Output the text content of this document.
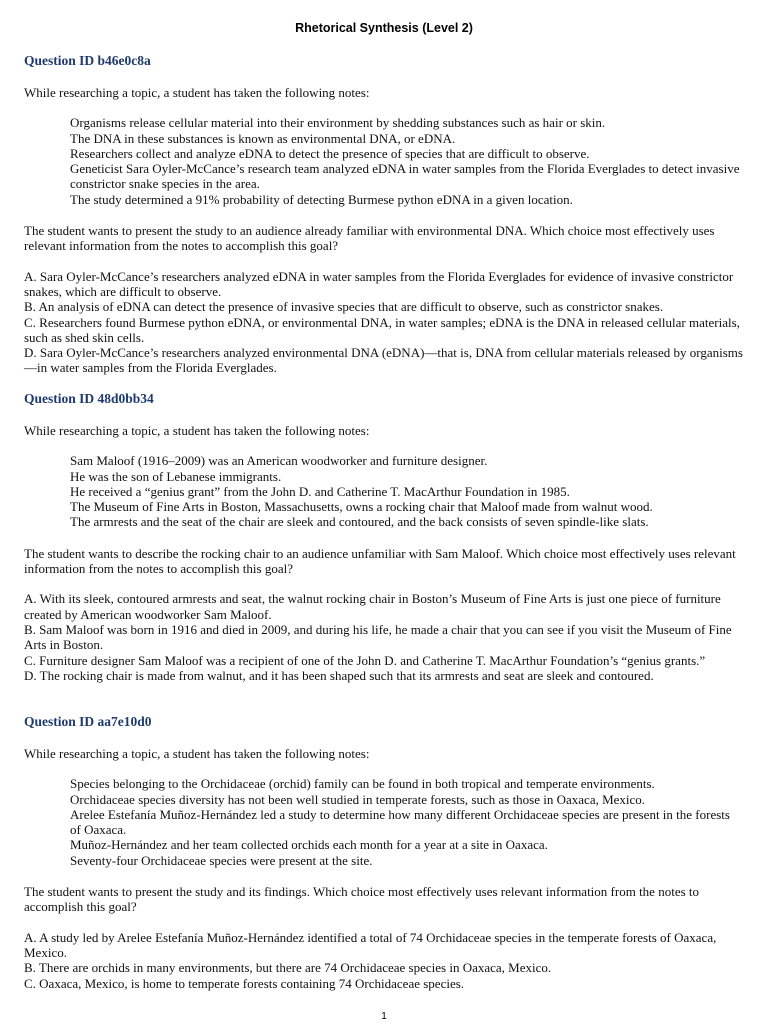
Rhetorical Synthesis (Level 2)
Question ID b46e0c8a

While researching a topic, a student has taken the following notes:

Organisms release cellular material into their environment by shedding substances such as hair or skin.
The DNA in these substances is known as environmental DNA, or eDNA.
Researchers collect and analyze eDNA to detect the presence of species that are difficult to observe.
Geneticist Sara Oyler-McCance’s research team analyzed eDNA in water samples from the Florida Everglades to detect invasive constrictor snake species in the area.
The study determined a 91% probability of detecting Burmese python eDNA in a given location.

The student wants to present the study to an audience already familiar with environmental DNA. Which choice most effectively uses relevant information from the notes to accomplish this goal?

A. Sara Oyler-McCance’s researchers analyzed eDNA in water samples from the Florida Everglades for evidence of invasive constrictor snakes, which are difficult to observe.
B. An analysis of eDNA can detect the presence of invasive species that are difficult to observe, such as constrictor snakes.
C. Researchers found Burmese python eDNA, or environmental DNA, in water samples; eDNA is the DNA in released cellular materials, such as shed skin cells.
D. Sara Oyler-McCance’s researchers analyzed environmental DNA (eDNA)—that is, DNA from cellular materials released by organisms—in water samples from the Florida Everglades.
Question ID 48d0bb34

While researching a topic, a student has taken the following notes:

Sam Maloof (1916–2009) was an American woodworker and furniture designer.
He was the son of Lebanese immigrants.
He received a “genius grant” from the John D. and Catherine T. MacArthur Foundation in 1985.
The Museum of Fine Arts in Boston, Massachusetts, owns a rocking chair that Maloof made from walnut wood.
The armrests and the seat of the chair are sleek and contoured, and the back consists of seven spindle-like slats.

The student wants to describe the rocking chair to an audience unfamiliar with Sam Maloof. Which choice most effectively uses relevant information from the notes to accomplish this goal?

A. With its sleek, contoured armrests and seat, the walnut rocking chair in Boston’s Museum of Fine Arts is just one piece of furniture created by American woodworker Sam Maloof.
B. Sam Maloof was born in 1916 and died in 2009, and during his life, he made a chair that you can see if you visit the Museum of Fine Arts in Boston.
C. Furniture designer Sam Maloof was a recipient of one of the John D. and Catherine T. MacArthur Foundation’s “genius grants.”
D. The rocking chair is made from walnut, and it has been shaped such that its armrests and seat are sleek and contoured.
Question ID aa7e10d0

While researching a topic, a student has taken the following notes:

Species belonging to the Orchidaceae (orchid) family can be found in both tropical and temperate environments.
Orchidaceae species diversity has not been well studied in temperate forests, such as those in Oaxaca, Mexico.
Arelee Estefanía Muñoz-Hernández led a study to determine how many different Orchidaceae species are present in the forests of Oaxaca.
Muñoz-Hernández and her team collected orchids each month for a year at a site in Oaxaca.
Seventy-four Orchidaceae species were present at the site.

The student wants to present the study and its findings. Which choice most effectively uses relevant information from the notes to accomplish this goal?

A. A study led by Arelee Estefanía Muñoz-Hernández identified a total of 74 Orchidaceae species in the temperate forests of Oaxaca, Mexico.
B. There are orchids in many environments, but there are 74 Orchidaceae species in Oaxaca, Mexico.
C. Oaxaca, Mexico, is home to temperate forests containing 74 Orchidaceae species.
1
